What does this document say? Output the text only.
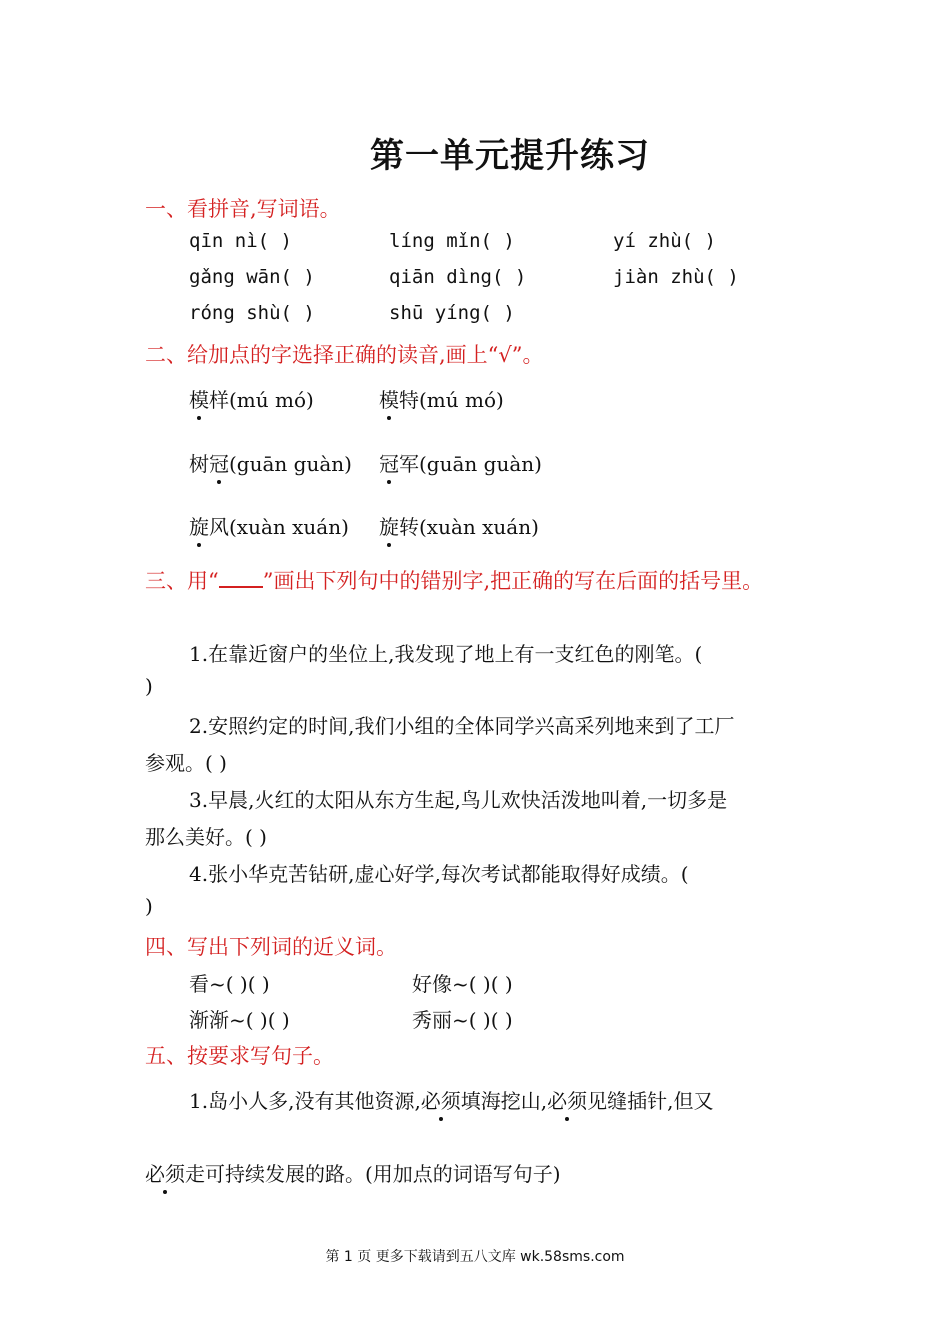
第一单元提升练习
一、看拼音,写词语。
qīn nì( )	líng mǐn( )	yí zhù( )
gǎng wān( )	qiān dìng( )	jiàn zhù( )
róng shù( )	shū yíng( )
二、给加点的字选择正确的读音,画上“√”。
模样(mú mó)	模特(mú mó)
树冠(guān guàn) 冠军(guān guàn)
旋风(xuàn xuán) 旋转(xuàn xuán)
三、用“ ”画出下列句中的错别字,把正确的写在后面的括号里。
1.在靠近窗户的坐位上,我发现了地上有一支红色的刚笔。(
)
2.安照约定的时间,我们小组的全体同学兴高采列地来到了工厂
参观。( )
3.早晨,火红的太阳从东方生起,鸟儿欢快活泼地叫着,一切多是
那么美好。( )
4.张小华克苦钻研,虚心好学,每次考试都能取得好成绩。(
)
四、写出下列词的近义词。
看~( )( )	好像~( )( )
渐渐~( )( )	秀丽~( )( )
五、按要求写句子。
1.岛小人多,没有其他资源,必须填海挖山,必须见缝插针,但又
必须走可持续发展的路。(用加点的词语写句子)
第 1 页 更多下载请到五八文库 wk.58sms.com
